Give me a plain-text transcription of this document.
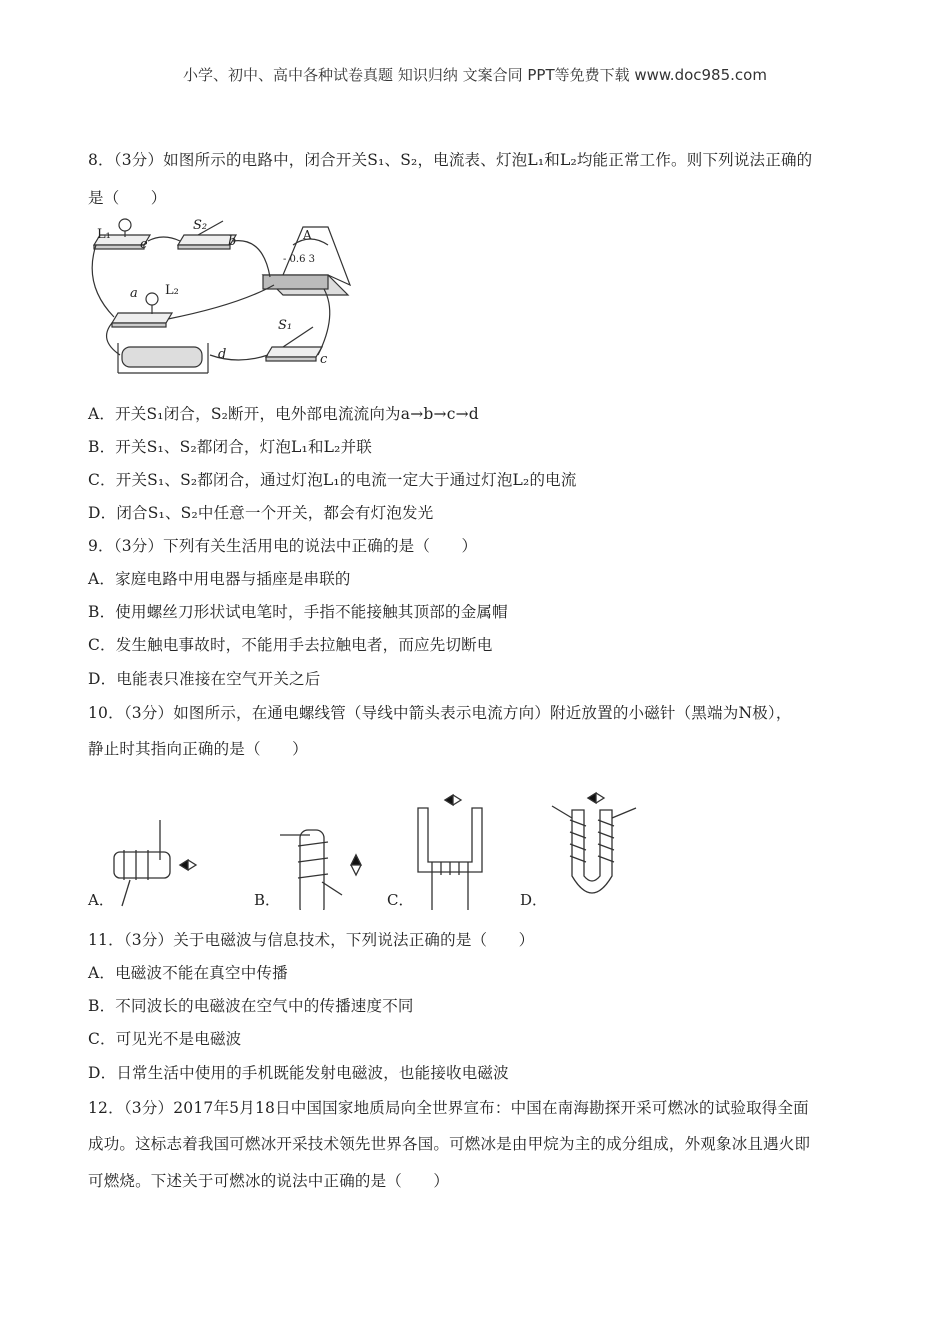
小学、初中、高中各种试卷真题 知识归纳 文案合同 PPT等免费下载 www.doc985.com
8．（3分）如图所示的电路中，闭合开关S₁、S₂，电流表、灯泡L₁和L₂均能正常工作。则下列说法正确的
是（　　）
L₁
e
S₂
b	A
- 0.6 3
a L₂
S₁
d	c
A．开关S₁闭合，S₂断开，电外部电流流向为a→b→c→d
B．开关S₁、S₂都闭合，灯泡L₁和L₂并联
C．开关S₁、S₂都闭合，通过灯泡L₁的电流一定大于通过灯泡L₂的电流
D．闭合S₁、S₂中任意一个开关，都会有灯泡发光
9．（3分）下列有关生活用电的说法中正确的是（　　）
A．家庭电路中用电器与插座是串联的
B．使用螺丝刀形状试电笔时，手指不能接触其顶部的金属帽
C．发生触电事故时，不能用手去拉触电者，而应先切断电
D．电能表只准接在空气开关之后
10．（3分）如图所示，在通电螺线管（导线中箭头表示电流方向）附近放置的小磁针（黑端为N极），
静止时其指向正确的是（　　）
A．	B．	C．	D．
11．（3分）关于电磁波与信息技术，下列说法正确的是（　　）
A．电磁波不能在真空中传播
B．不同波长的电磁波在空气中的传播速度不同
C．可见光不是电磁波
D．日常生活中使用的手机既能发射电磁波，也能接收电磁波
12．（3分）2017年5月18日中国国家地质局向全世界宣布：中国在南海勘探开采可燃冰的试验取得全面
成功。这标志着我国可燃冰开采技术领先世界各国。可燃冰是由甲烷为主的成分组成，外观象冰且遇火即
可燃烧。下述关于可燃冰的说法中正确的是（　　）
